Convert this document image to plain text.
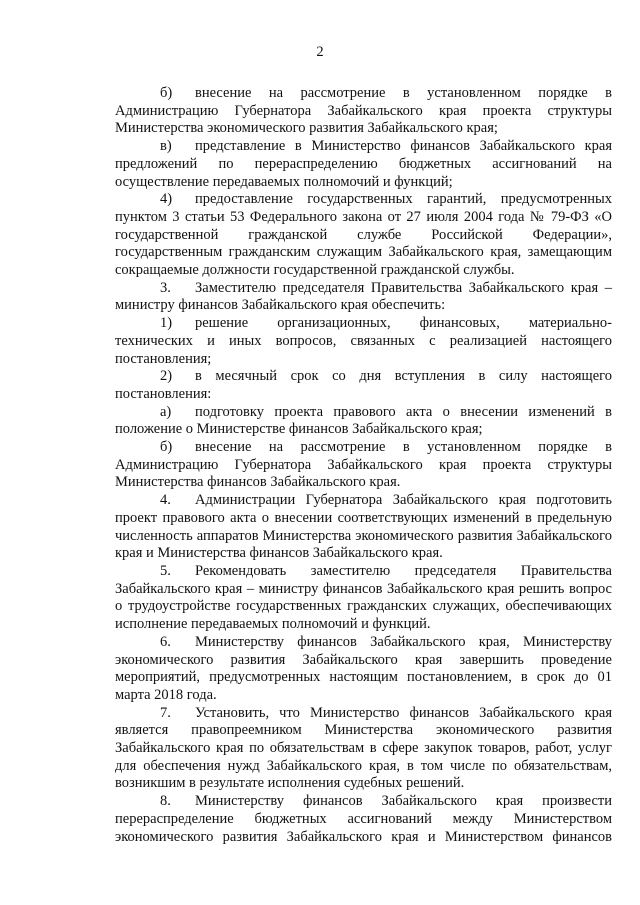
2

б) внесение на рассмотрение в установленном порядке в Администрацию Губернатора Забайкальского края проекта структуры Министерства экономического развития Забайкальского края;

в) представление в Министерство финансов Забайкальского края предложений по перераспределению бюджетных ассигнований на осуществление передаваемых полномочий и функций;

4) предоставление государственных гарантий, предусмотренных пунктом 3 статьи 53 Федерального закона от 27 июля 2004 года № 79-ФЗ «О государственной гражданской службе Российской Федерации», государственным гражданским служащим Забайкальского края, замещающим сокращаемые должности государственной гражданской службы.

3. Заместителю председателя Правительства Забайкальского края – министру финансов Забайкальского края обеспечить:

1) решение организационных, финансовых, материально-технических и иных вопросов, связанных с реализацией настоящего постановления;

2) в месячный срок со дня вступления в силу настоящего постановления:

а) подготовку проекта правового акта о внесении изменений в положение о Министерстве финансов Забайкальского края;

б) внесение на рассмотрение в установленном порядке в Администрацию Губернатора Забайкальского края проекта структуры Министерства финансов Забайкальского края.

4. Администрации Губернатора Забайкальского края подготовить проект правового акта о внесении соответствующих изменений в предельную численность аппаратов Министерства экономического развития Забайкальского края и Министерства финансов Забайкальского края.

5. Рекомендовать заместителю председателя Правительства Забайкальского края – министру финансов Забайкальского края решить вопрос о трудоустройстве государственных гражданских служащих, обеспечивающих исполнение передаваемых полномочий и функций.

6. Министерству финансов Забайкальского края, Министерству экономического развития Забайкальского края завершить проведение мероприятий, предусмотренных настоящим постановлением, в срок до 01 марта 2018 года.

7. Установить, что Министерство финансов Забайкальского края является правопреемником Министерства экономического развития Забайкальского края по обязательствам в сфере закупок товаров, работ, услуг для обеспечения нужд Забайкальского края, в том числе по обязательствам, возникшим в результате исполнения судебных решений.

8. Министерству финансов Забайкальского края произвести перераспределение бюджетных ассигнований между Министерством экономического развития Забайкальского края и Министерством финансов
